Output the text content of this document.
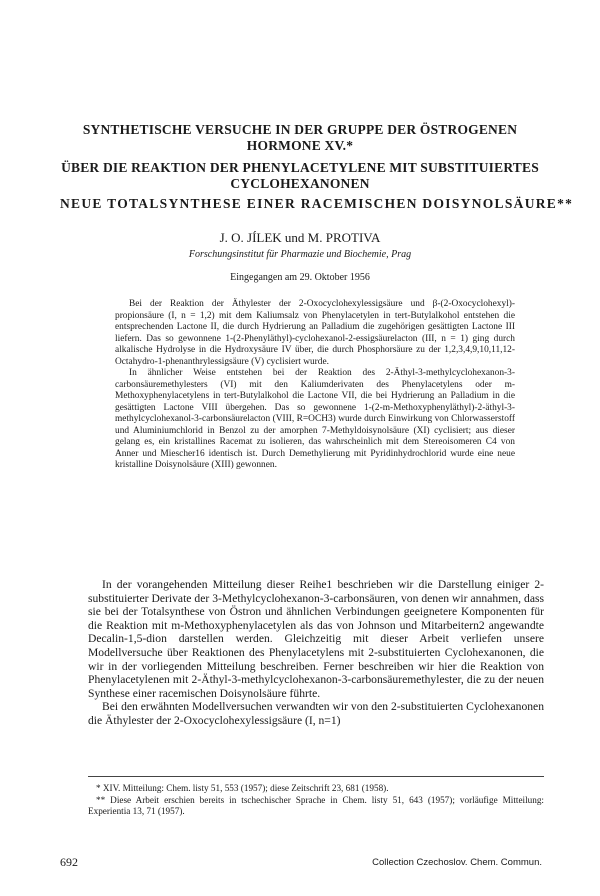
SYNTHETISCHE VERSUCHE IN DER GRUPPE DER ÖSTROGENEN
HORMONE XV.*
ÜBER DIE REAKTION DER PHENYLACETYLENE MIT SUBSTITUIERTES
CYCLOHEXANONEN
NEUE TOTALSYNTHESE EINER RACEMISCHEN DOISYNOLSÄURE**

J. O. JÍLEK und M. PROTIVA

Forschungsinstitut für Pharmazie und Biochemie, Prag

Eingegangen am 29. Oktober 1956

Bei der Reaktion der Äthylester der 2-Oxocyclohexylessigsäure und β-(2-Oxocyclohexyl)-propionsäure (I, n = 1,2) mit dem Kaliumsalz von Phenylacetylen in tert-Butylalkohol entstehen die entsprechenden Lactone II, die durch Hydrierung an Palladium die zugehörigen gesättigten Lactone III liefern. Das so gewonnene 1-(2-Phenyläthyl)-cyclohexanol-2-essigsäurelacton (III, n = 1) ging durch alkalische Hydrolyse in die Hydroxysäure IV über, die durch Phosphorsäure zu der 1,2,3,4,9,10,11,12-Octahydro-1-phenanthrylessigsäure (V) cyclisiert wurde.

In ähnlicher Weise entstehen bei der Reaktion des 2-Äthyl-3-methylcyclohexanon-3-carbonsäuremethylesters (VI) mit den Kaliumderivaten des Phenylacetylens oder m-Methoxyphenylacetylens in tert-Butylalkohol die Lactone VII, die bei Hydrierung an Palladium in die gesättigten Lactone VIII übergehen. Das so gewonnene 1-(2-m-Methoxyphenyläthyl)-2-äthyl-3-methylcyclohexanol-3-carbonsäurelacton (VIII, R=OCH3) wurde durch Einwirkung von Chlorwasserstoff und Aluminiumchlorid in Benzol zu der amorphen 7-Methyldoisynolsäure (XI) cyclisiert; aus dieser gelang es, ein kristallines Racemat zu isolieren, das wahrscheinlich mit dem Stereoisomeren C4 von Anner und Miescher16 identisch ist. Durch Demethylierung mit Pyridinhydrochlorid wurde eine neue kristalline Doisynolsäure (XIII) gewonnen.

In der vorangehenden Mitteilung dieser Reihe1 beschrieben wir die Darstellung einiger 2-substituierter Derivate der 3-Methylcyclohexanon-3-carbonsäuren, von denen wir annahmen, dass sie bei der Totalsynthese von Östron und ähnlichen Verbindungen geeignetere Komponenten für die Reaktion mit m-Methoxyphenylacetylen als das von Johnson und Mitarbeitern2 angewandte Decalin-1,5-dion darstellen werden. Gleichzeitig mit dieser Arbeit verliefen unsere Modellversuche über Reaktionen des Phenylacetylens mit 2-substituierten Cyclohexanonen, die wir in der vorliegenden Mitteilung beschreiben. Ferner beschreiben wir hier die Reaktion von Phenylacetylenen mit 2-Äthyl-3-methylcyclohexanon-3-carbonsäuremethylester, die zu der neuen Synthese einer racemischen Doisynolsäure führte.

Bei den erwähnten Modellversuchen verwandten wir von den 2-substituierten Cyclohexanonen die Äthylester der 2-Oxocyclohexylessigsäure (I, n=1)

* XIV. Mitteilung: Chem. listy 51, 553 (1957); diese Zeitschrift 23, 681 (1958).

** Diese Arbeit erschien bereits in tschechischer Sprache in Chem. listy 51, 643 (1957); vorläufige Mitteilung: Experientia 13, 71 (1957).

692	Collection Czechoslov. Chem. Commun.
